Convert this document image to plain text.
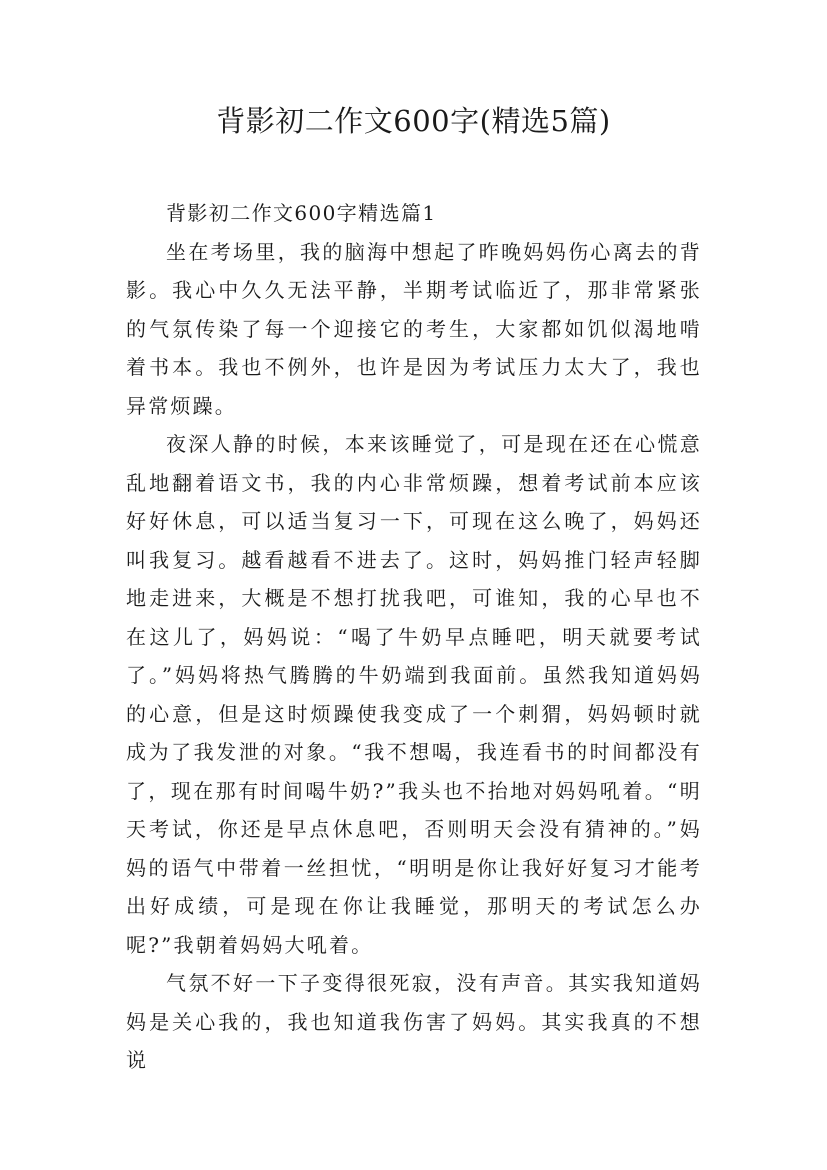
背影初二作文600字(精选5篇)

背影初二作文600字精选篇1

坐在考场里，我的脑海中想起了昨晚妈妈伤心离去的背影。我心中久久无法平静，半期考试临近了，那非常紧张的气氛传染了每一个迎接它的考生，大家都如饥似渴地啃着书本。我也不例外，也许是因为考试压力太大了，我也异常烦躁。

夜深人静的时候，本来该睡觉了，可是现在还在心慌意乱地翻着语文书，我的内心非常烦躁，想着考试前本应该好好休息，可以适当复习一下，可现在这么晚了，妈妈还叫我复习。越看越看不进去了。这时，妈妈推门轻声轻脚地走进来，大概是不想打扰我吧，可谁知，我的心早也不在这儿了，妈妈说：“喝了牛奶早点睡吧，明天就要考试了。”妈妈将热气腾腾的牛奶端到我面前。虽然我知道妈妈的心意，但是这时烦躁使我变成了一个刺猬，妈妈顿时就成为了我发泄的对象。“我不想喝，我连看书的时间都没有了，现在那有时间喝牛奶?”我头也不抬地对妈妈吼着。“明天考试，你还是早点休息吧，否则明天会没有猜神的。”妈妈的语气中带着一丝担忧，“明明是你让我好好复习才能考出好成绩，可是现在你让我睡觉，那明天的考试怎么办呢?”我朝着妈妈大吼着。

气氛不好一下子变得很死寂，没有声音。其实我知道妈妈是关心我的，我也知道我伤害了妈妈。其实我真的不想说
